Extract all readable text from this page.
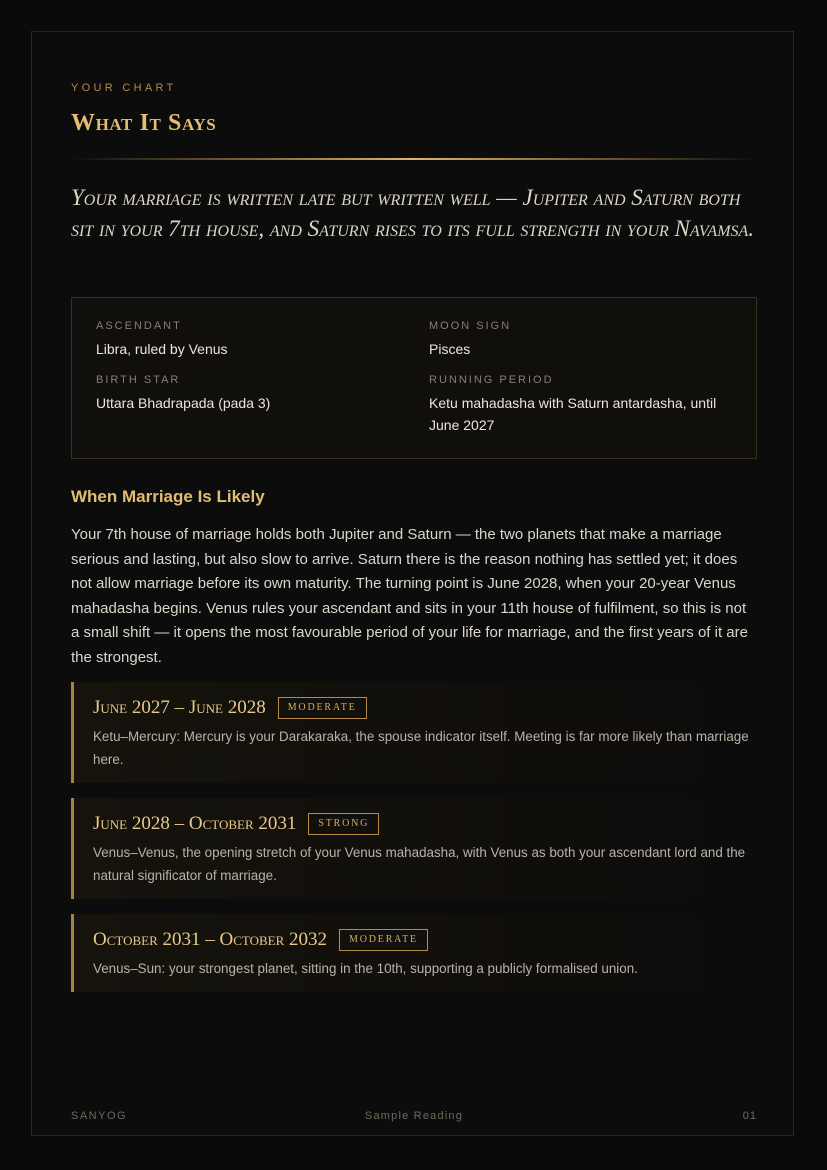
YOUR CHART
What It Says

Your marriage is written late but written well — Jupiter and Saturn both sit in your 7th house, and Saturn rises to its full strength in your Navamsa.

ASCENDANT
Libra, ruled by Venus
MOON SIGN
Pisces
BIRTH STAR
Uttara Bhadrapada (pada 3)
RUNNING PERIOD
Ketu mahadasha with Saturn antardasha, until June 2027
When Marriage Is Likely

Your 7th house of marriage holds both Jupiter and Saturn — the two planets that make a marriage serious and lasting, but also slow to arrive. Saturn there is the reason nothing has settled yet; it does not allow marriage before its own maturity. The turning point is June 2028, when your 20-year Venus mahadasha begins. Venus rules your ascendant and sits in your 11th house of fulfilment, so this is not a small shift — it opens the most favourable period of your life for marriage, and the first years of it are the strongest.

June 2027 – June 2028	MODERATE
Ketu–Mercury: Mercury is your Darakaraka, the spouse indicator itself. Meeting is far more likely than marriage here.
June 2028 – October 2031	STRONG
Venus–Venus, the opening stretch of your Venus mahadasha, with Venus as both your ascendant lord and the natural significator of marriage.
October 2031 – October 2032	MODERATE
Venus–Sun: your strongest planet, sitting in the 10th, supporting a publicly formalised union.
SANYOG	Sample Reading	01
